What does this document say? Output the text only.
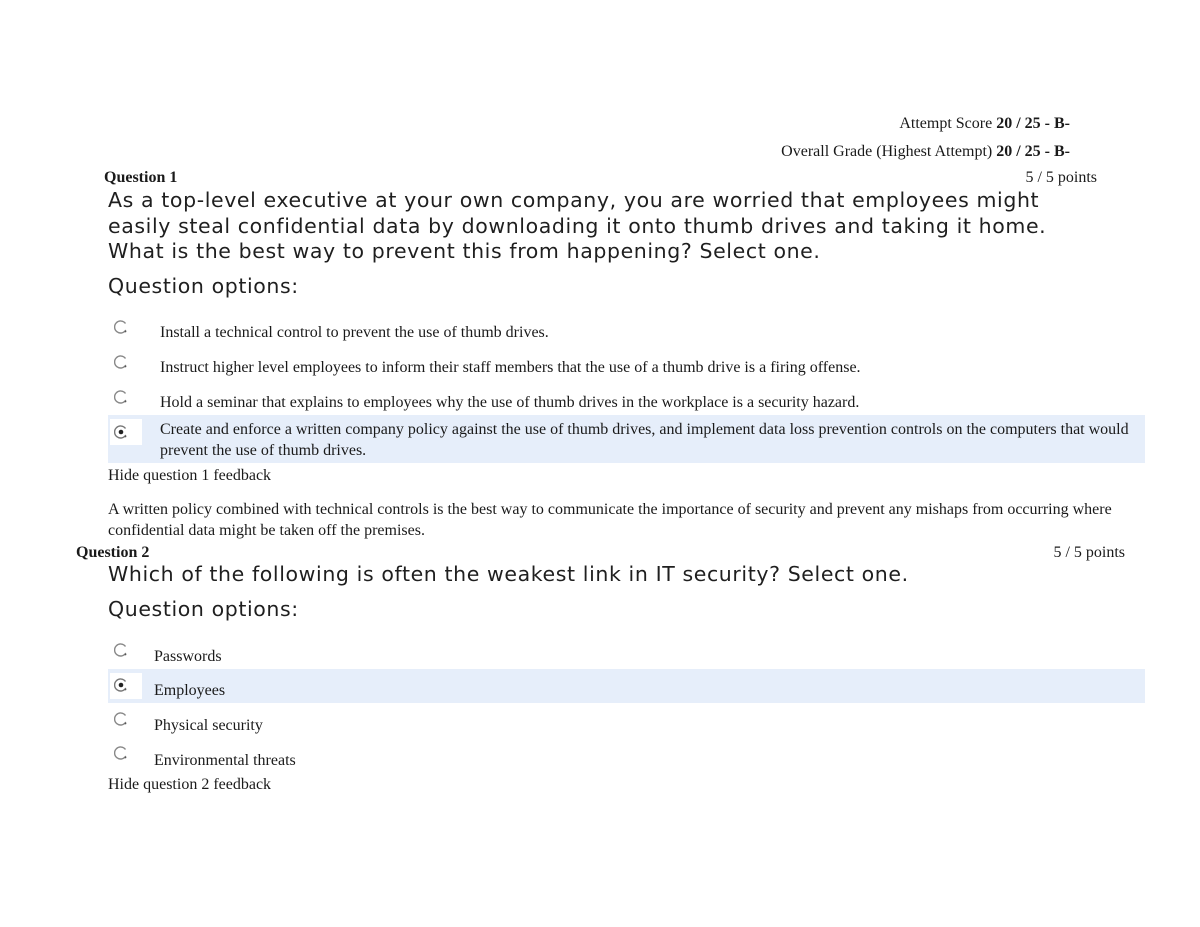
Attempt Score 20 / 25 - B-
Overall Grade (Highest Attempt) 20 / 25 - B-
Question 1	5 / 5 points
As a top-level executive at your own company, you are worried that employees might easily steal confidential data by downloading it onto thumb drives and taking it home. What is the best way to prevent this from happening? Select one.
Question options:
Install a technical control to prevent the use of thumb drives.
Instruct higher level employees to inform their staff members that the use of a thumb drive is a firing offense.
Hold a seminar that explains to employees why the use of thumb drives in the workplace is a security hazard.
Create and enforce a written company policy against the use of thumb drives, and implement data loss prevention controls on the computers that would prevent the use of thumb drives.
Hide question 1 feedback
A written policy combined with technical controls is the best way to communicate the importance of security and prevent any mishaps from occurring where confidential data might be taken off the premises.
Question 2	5 / 5 points
Which of the following is often the weakest link in IT security? Select one.
Question options:
Passwords
Employees
Physical security
Environmental threats
Hide question 2 feedback
